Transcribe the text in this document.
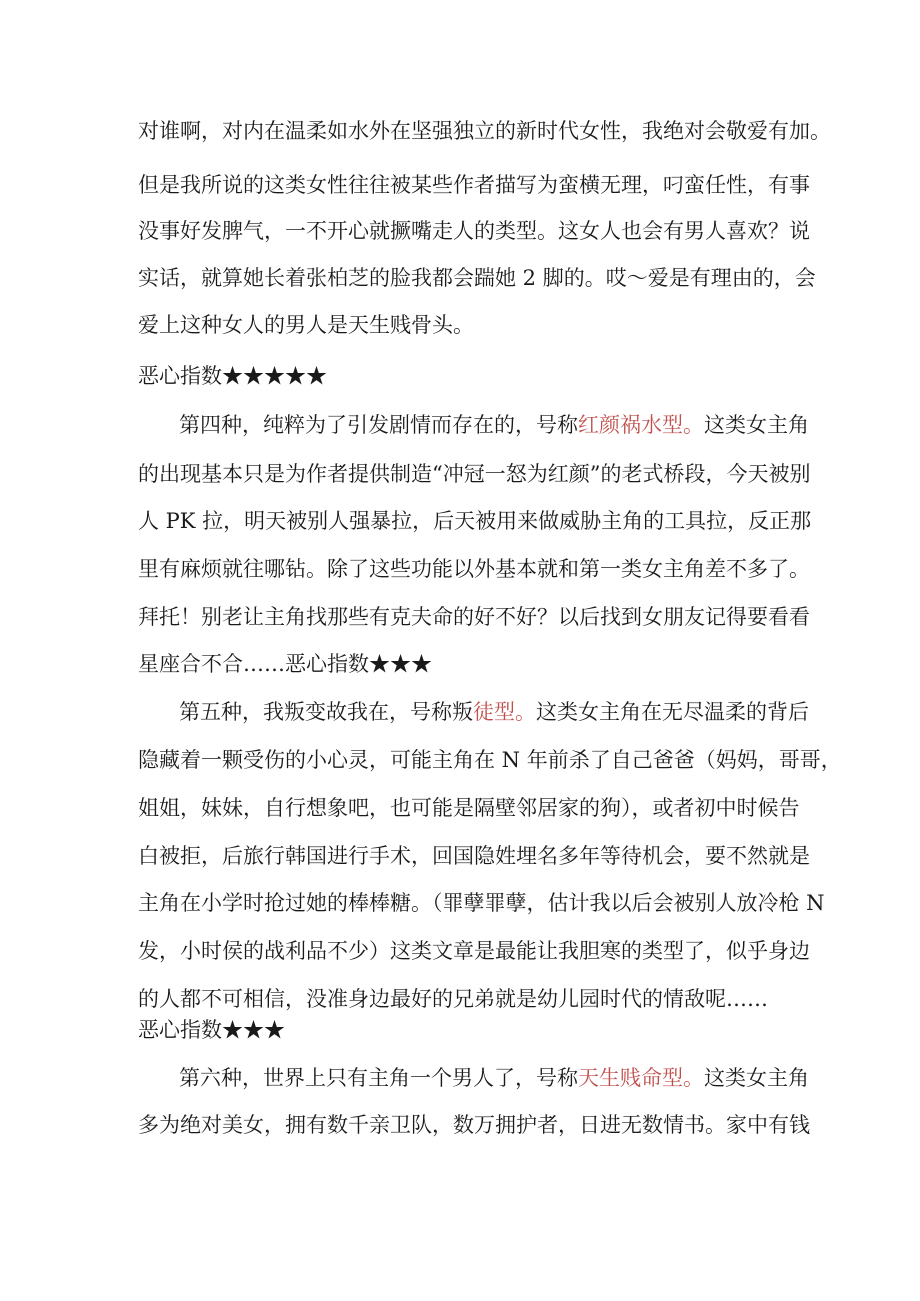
对谁啊，对内在温柔如水外在坚强独立的新时代女性，我绝对会敬爱有加。

但是我所说的这类女性往往被某些作者描写为蛮横无理，叼蛮任性，有事

没事好发脾气，一不开心就撅嘴走人的类型。这女人也会有男人喜欢？说

实话，就算她长着张柏芝的脸我都会踹她 2 脚的。哎～爱是有理由的，会

爱上这种女人的男人是天生贱骨头。

恶心指数★★★★★

第四种，纯粹为了引发剧情而存在的，号称红颜祸水型。这类女主角

的出现基本只是为作者提供制造“冲冠一怒为红颜”的老式桥段，今天被别

人 PK 拉，明天被别人强暴拉，后天被用来做威胁主角的工具拉，反正那

里有麻烦就往哪钻。除了这些功能以外基本就和第一类女主角差不多了。

拜托！别老让主角找那些有克夫命的好不好？以后找到女朋友记得要看看

星座合不合……恶心指数★★★

第五种，我叛变故我在，号称叛徒型。这类女主角在无尽温柔的背后

隐藏着一颗受伤的小心灵，可能主角在 N 年前杀了自己爸爸（妈妈，哥哥，

姐姐，妹妹，自行想象吧，也可能是隔壁邻居家的狗），或者初中时候告

白被拒，后旅行韩国进行手术，回国隐姓埋名多年等待机会，要不然就是

主角在小学时抢过她的棒棒糖。（罪孽罪孽，估计我以后会被别人放冷枪 N

发，小时侯的战利品不少）这类文章是最能让我胆寒的类型了，似乎身边

的人都不可相信，没准身边最好的兄弟就是幼儿园时代的情敌呢……

恶心指数★★★

第六种，世界上只有主角一个男人了，号称天生贱命型。这类女主角

多为绝对美女，拥有数千亲卫队，数万拥护者，日进无数情书。家中有钱
